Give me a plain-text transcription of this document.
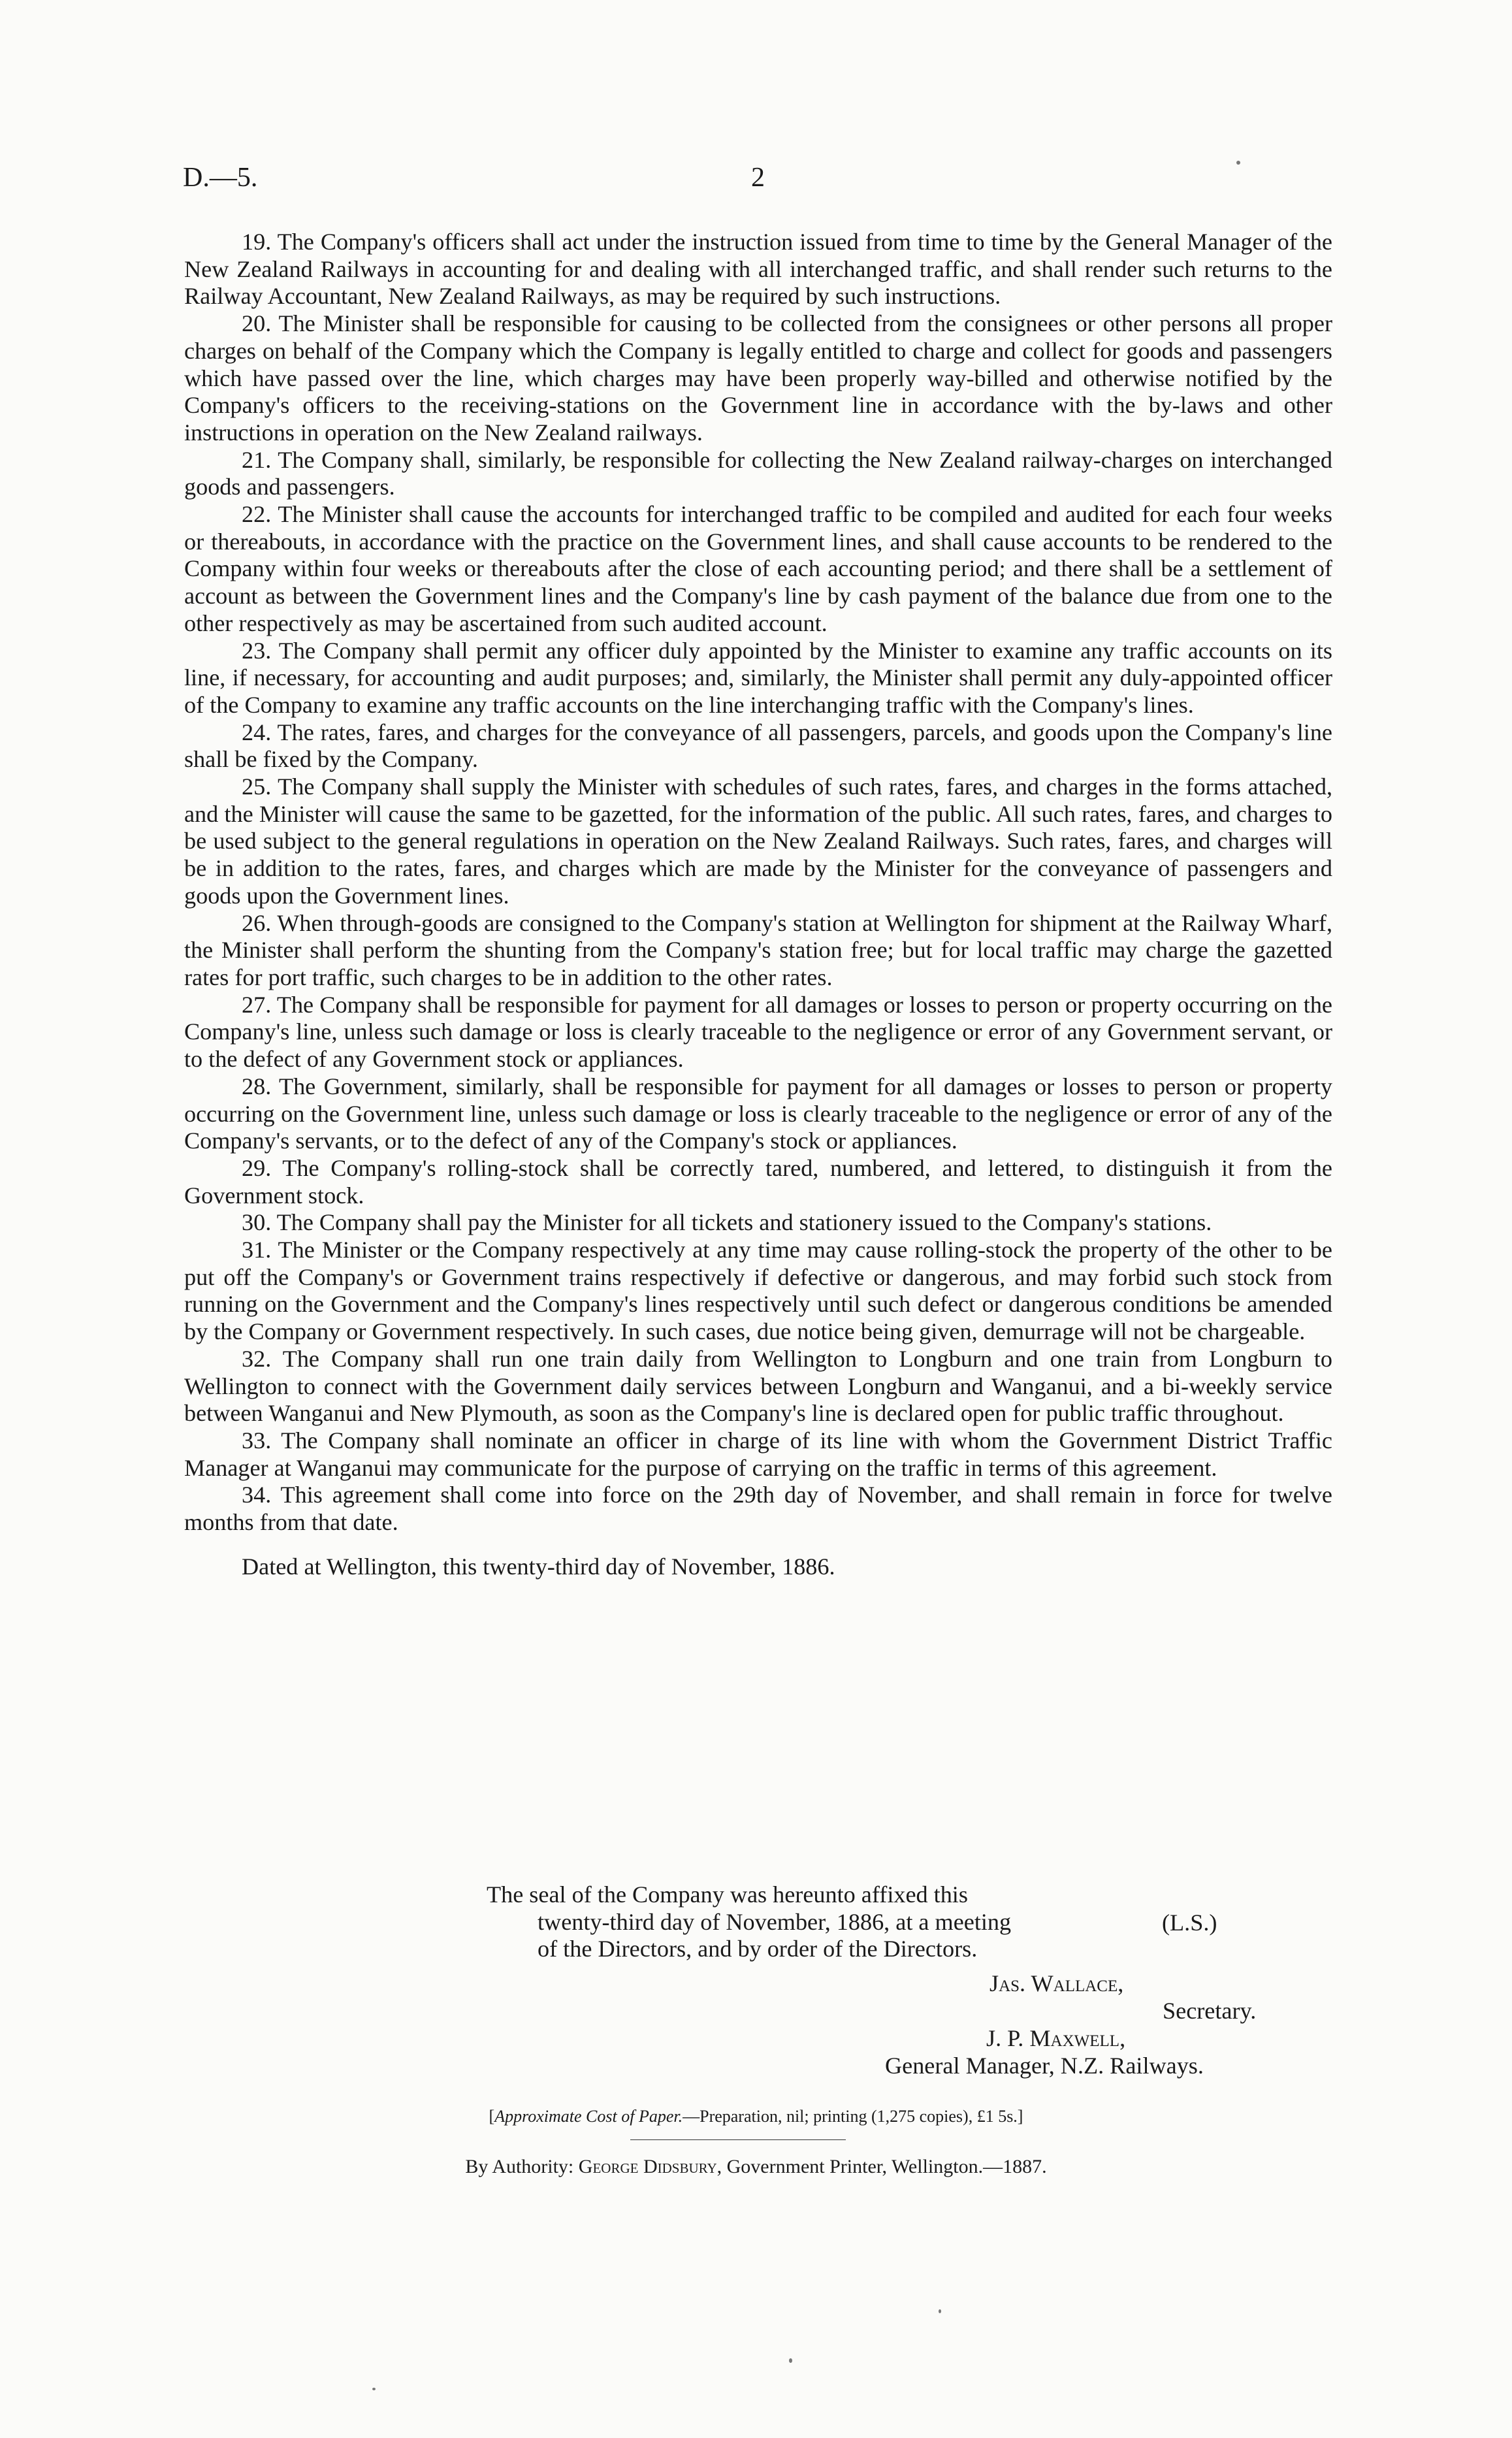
D.—5.	2

19. The Company's officers shall act under the instruction issued from time to time by the General Manager of the New Zealand Railways in accounting for and dealing with all interchanged traffic, and shall render such returns to the Railway Accountant, New Zealand Railways, as may be required by such instructions.

20. The Minister shall be responsible for causing to be collected from the consignees or other persons all proper charges on behalf of the Company which the Company is legally entitled to charge and collect for goods and passengers which have passed over the line, which charges may have been properly way-billed and otherwise notified by the Company's officers to the receiving-stations on the Government line in accordance with the by-laws and other instructions in operation on the New Zealand railways.

21. The Company shall, similarly, be responsible for collecting the New Zealand railway-charges on interchanged goods and passengers.

22. The Minister shall cause the accounts for interchanged traffic to be compiled and audited for each four weeks or thereabouts, in accordance with the practice on the Government lines, and shall cause accounts to be rendered to the Company within four weeks or thereabouts after the close of each accounting period; and there shall be a settlement of account as between the Government lines and the Company's line by cash payment of the balance due from one to the other respectively as may be ascertained from such audited account.

23. The Company shall permit any officer duly appointed by the Minister to examine any traffic accounts on its line, if necessary, for accounting and audit purposes; and, similarly, the Minister shall permit any duly-appointed officer of the Company to examine any traffic accounts on the line interchanging traffic with the Company's lines.

24. The rates, fares, and charges for the conveyance of all passengers, parcels, and goods upon the Company's line shall be fixed by the Company.

25. The Company shall supply the Minister with schedules of such rates, fares, and charges in the forms attached, and the Minister will cause the same to be gazetted, for the information of the public. All such rates, fares, and charges to be used subject to the general regulations in operation on the New Zealand Railways. Such rates, fares, and charges will be in addition to the rates, fares, and charges which are made by the Minister for the conveyance of passengers and goods upon the Government lines.

26. When through-goods are consigned to the Company's station at Wellington for shipment at the Railway Wharf, the Minister shall perform the shunting from the Company's station free; but for local traffic may charge the gazetted rates for port traffic, such charges to be in addition to the other rates.

27. The Company shall be responsible for payment for all damages or losses to person or property occurring on the Company's line, unless such damage or loss is clearly traceable to the negligence or error of any Government servant, or to the defect of any Government stock or appliances.

28. The Government, similarly, shall be responsible for payment for all damages or losses to person or property occurring on the Government line, unless such damage or loss is clearly traceable to the negligence or error of any of the Company's servants, or to the defect of any of the Company's stock or appliances.

29. The Company's rolling-stock shall be correctly tared, numbered, and lettered, to distinguish it from the Government stock.

30. The Company shall pay the Minister for all tickets and stationery issued to the Company's stations.

31. The Minister or the Company respectively at any time may cause rolling-stock the property of the other to be put off the Company's or Government trains respectively if defective or dangerous, and may forbid such stock from running on the Government and the Company's lines respectively until such defect or dangerous conditions be amended by the Company or Government respectively. In such cases, due notice being given, demurrage will not be chargeable.

32. The Company shall run one train daily from Wellington to Longburn and one train from Longburn to Wellington to connect with the Government daily services between Longburn and Wanganui, and a bi-weekly service between Wanganui and New Plymouth, as soon as the Company's line is declared open for public traffic throughout.

33. The Company shall nominate an officer in charge of its line with whom the Government District Traffic Manager at Wanganui may communicate for the purpose of carrying on the traffic in terms of this agreement.

34. This agreement shall come into force on the 29th day of November, and shall remain in force for twelve months from that date.

Dated at Wellington, this twenty-third day of November, 1886.

The seal of the Company was hereunto affixed this
twenty-third day of November, 1886, at a meeting
of the Directors, and by order of the Directors.
(L.S.)
Jas. Wallace,
Secretary.
J. P. Maxwell,
General Manager, N.Z. Railways.
[Approximate Cost of Paper.—Preparation, nil; printing (1,275 copies), £1 5s.]
By Authority: George Didsbury, Government Printer, Wellington.—1887.
